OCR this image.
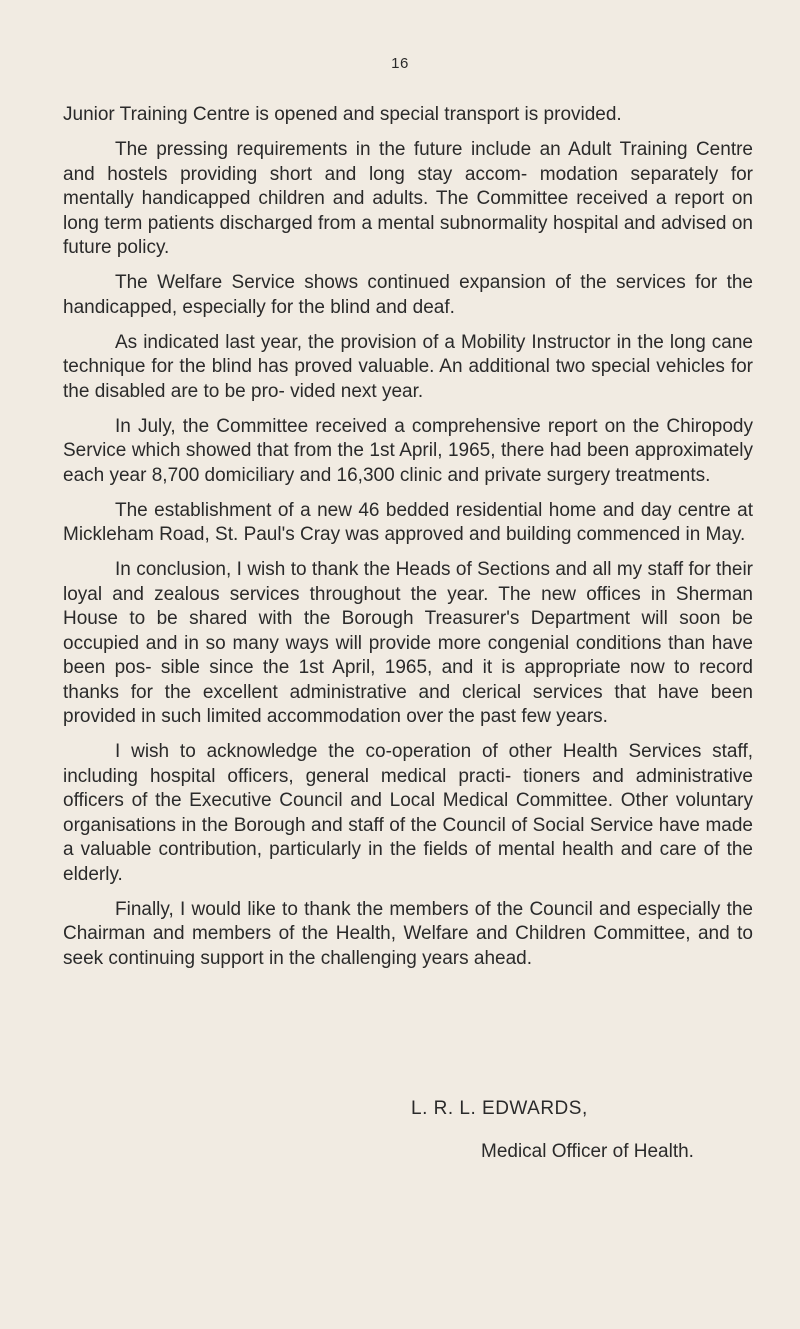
16

Junior Training Centre is opened and special transport is provided.

The pressing requirements in the future include an Adult Training Centre and hostels providing short and long stay accom- modation separately for mentally handicapped children and adults. The Committee received a report on long term patients discharged from a mental subnormality hospital and advised on future policy.

The Welfare Service shows continued expansion of the services for the handicapped, especially for the blind and deaf.

As indicated last year, the provision of a Mobility Instructor in the long cane technique for the blind has proved valuable. An additional two special vehicles for the disabled are to be pro- vided next year.

In July, the Committee received a comprehensive report on the Chiropody Service which showed that from the 1st April, 1965, there had been approximately each year 8,700 domiciliary and 16,300 clinic and private surgery treatments.

The establishment of a new 46 bedded residential home and day centre at Mickleham Road, St. Paul's Cray was approved and building commenced in May.

In conclusion, I wish to thank the Heads of Sections and all my staff for their loyal and zealous services throughout the year. The new offices in Sherman House to be shared with the Borough Treasurer's Department will soon be occupied and in so many ways will provide more congenial conditions than have been pos- sible since the 1st April, 1965, and it is appropriate now to record thanks for the excellent administrative and clerical services that have been provided in such limited accommodation over the past few years.

I wish to acknowledge the co-operation of other Health Services staff, including hospital officers, general medical practi- tioners and administrative officers of the Executive Council and Local Medical Committee. Other voluntary organisations in the Borough and staff of the Council of Social Service have made a valuable contribution, particularly in the fields of mental health and care of the elderly.

Finally, I would like to thank the members of the Council and especially the Chairman and members of the Health, Welfare and Children Committee, and to seek continuing support in the challenging years ahead.

L. R. L. EDWARDS,
Medical Officer of Health.
